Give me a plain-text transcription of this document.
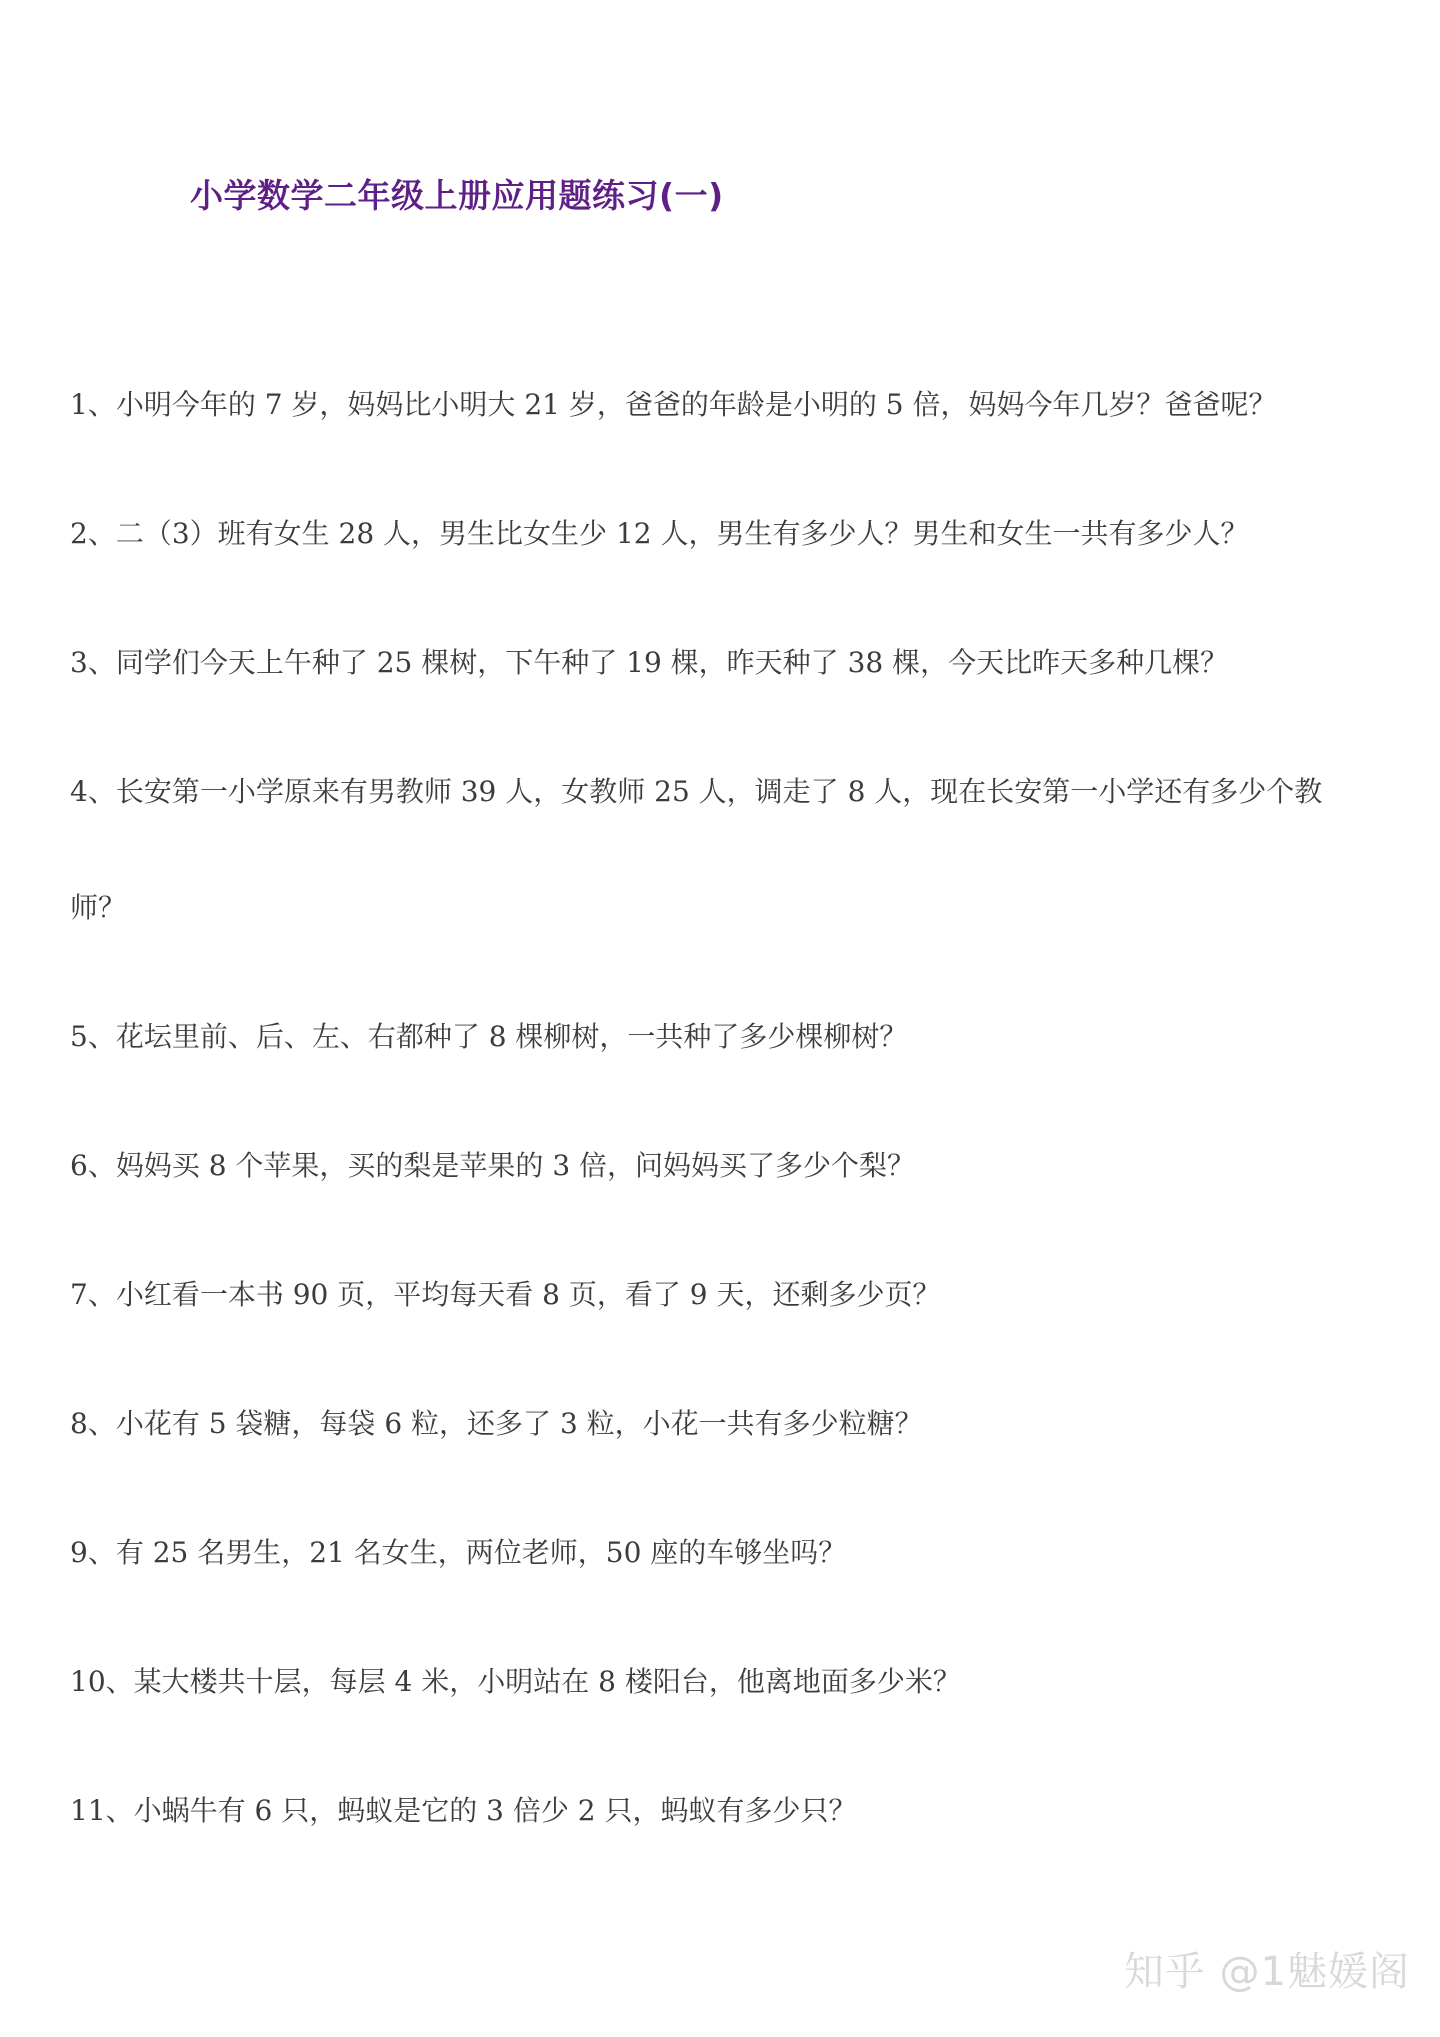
小学数学二年级上册应用题练习(一)

1、小明今年的 7 岁，妈妈比小明大 21 岁，爸爸的年龄是小明的 5 倍，妈妈今年几岁？爸爸呢？

2、二（3）班有女生 28 人，男生比女生少 12 人，男生有多少人？男生和女生一共有多少人？

3、同学们今天上午种了 25 棵树，下午种了 19 棵，昨天种了 38 棵，今天比昨天多种几棵？

4、长安第一小学原来有男教师 39 人，女教师 25 人，调走了 8 人，现在长安第一小学还有多少个教

师？

5、花坛里前、后、左、右都种了 8 棵柳树，一共种了多少棵柳树？

6、妈妈买 8 个苹果，买的梨是苹果的 3 倍，问妈妈买了多少个梨？

7、小红看一本书 90 页，平均每天看 8 页，看了 9 天，还剩多少页？

8、小花有 5 袋糖，每袋 6 粒，还多了 3 粒，小花一共有多少粒糖？

9、有 25 名男生，21 名女生，两位老师，50 座的车够坐吗？

10、某大楼共十层，每层 4 米，小明站在 8 楼阳台，他离地面多少米？

11、小蜗牛有 6 只，蚂蚁是它的 3 倍少 2 只，蚂蚁有多少只？

知乎 @1魅媛阁
